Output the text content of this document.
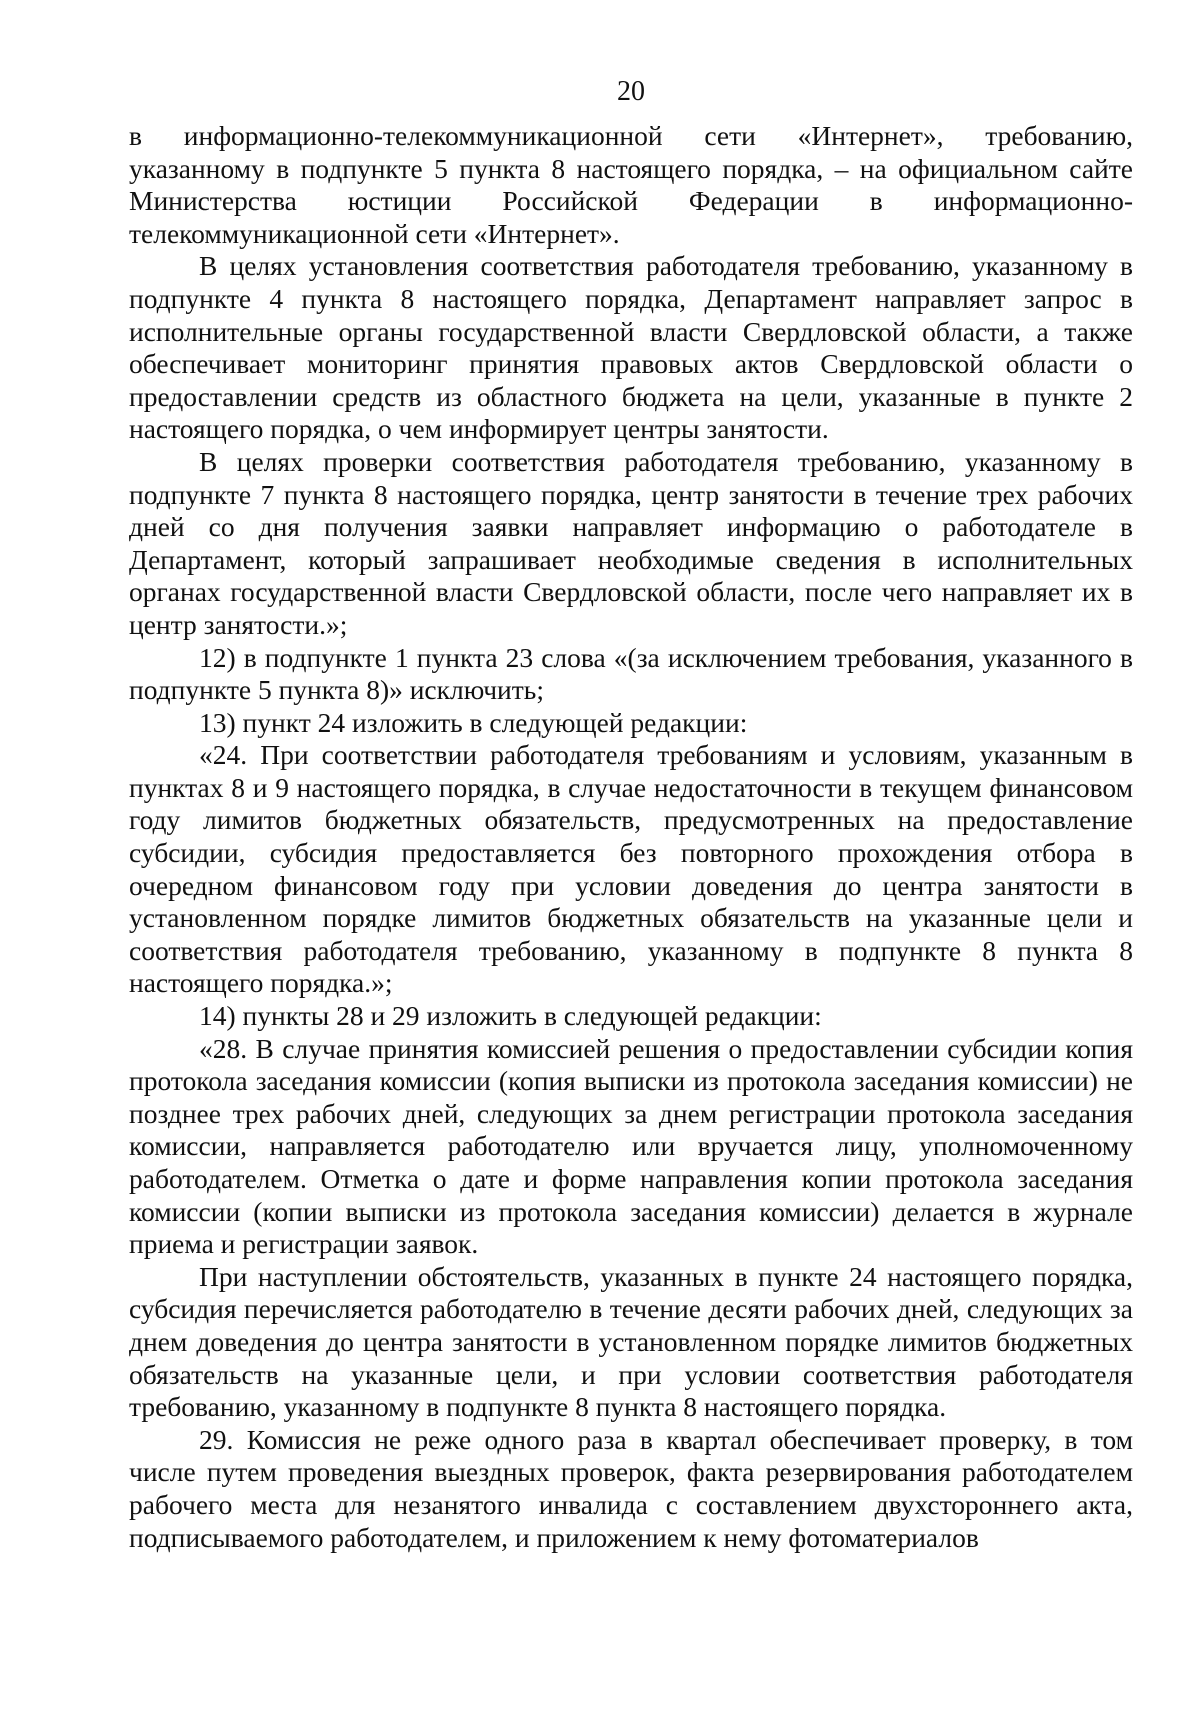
20

в информационно-телекоммуникационной сети «Интернет», требованию, указанному в подпункте 5 пункта 8 настоящего порядка, – на официальном сайте Министерства юстиции Российской Федерации в информационно-телекоммуникационной сети «Интернет».

В целях установления соответствия работодателя требованию, указанному в подпункте 4 пункта 8 настоящего порядка, Департамент направляет запрос в исполнительные органы государственной власти Свердловской области, а также обеспечивает мониторинг принятия правовых актов Свердловской области о предоставлении средств из областного бюджета на цели, указанные в пункте 2 настоящего порядка, о чем информирует центры занятости.

В целях проверки соответствия работодателя требованию, указанному в подпункте 7 пункта 8 настоящего порядка, центр занятости в течение трех рабочих дней со дня получения заявки направляет информацию о работодателе в Департамент, который запрашивает необходимые сведения в исполнительных органах государственной власти Свердловской области, после чего направляет их в центр занятости.»;

12) в подпункте 1 пункта 23 слова «(за исключением требования, указанного в подпункте 5 пункта 8)» исключить;

13) пункт 24 изложить в следующей редакции:

«24. При соответствии работодателя требованиям и условиям, указанным в пунктах 8 и 9 настоящего порядка, в случае недостаточности в текущем финансовом году лимитов бюджетных обязательств, предусмотренных на предоставление субсидии, субсидия предоставляется без повторного прохождения отбора в очередном финансовом году при условии доведения до центра занятости в установленном порядке лимитов бюджетных обязательств на указанные цели и соответствия работодателя требованию, указанному в подпункте 8 пункта 8 настоящего порядка.»;

14) пункты 28 и 29 изложить в следующей редакции:

«28. В случае принятия комиссией решения о предоставлении субсидии копия протокола заседания комиссии (копия выписки из протокола заседания комиссии) не позднее трех рабочих дней, следующих за днем регистрации протокола заседания комиссии, направляется работодателю или вручается лицу, уполномоченному работодателем. Отметка о дате и форме направления копии протокола заседания комиссии (копии выписки из протокола заседания комиссии) делается в журнале приема и регистрации заявок.

При наступлении обстоятельств, указанных в пункте 24 настоящего порядка, субсидия перечисляется работодателю в течение десяти рабочих дней, следующих за днем доведения до центра занятости в установленном порядке лимитов бюджетных обязательств на указанные цели, и при условии соответствия работодателя требованию, указанному в подпункте 8 пункта 8 настоящего порядка.

29. Комиссия не реже одного раза в квартал обеспечивает проверку, в том числе путем проведения выездных проверок, факта резервирования работодателем рабочего места для незанятого инвалида с составлением двухстороннего акта, подписываемого работодателем, и приложением к нему фотоматериалов
